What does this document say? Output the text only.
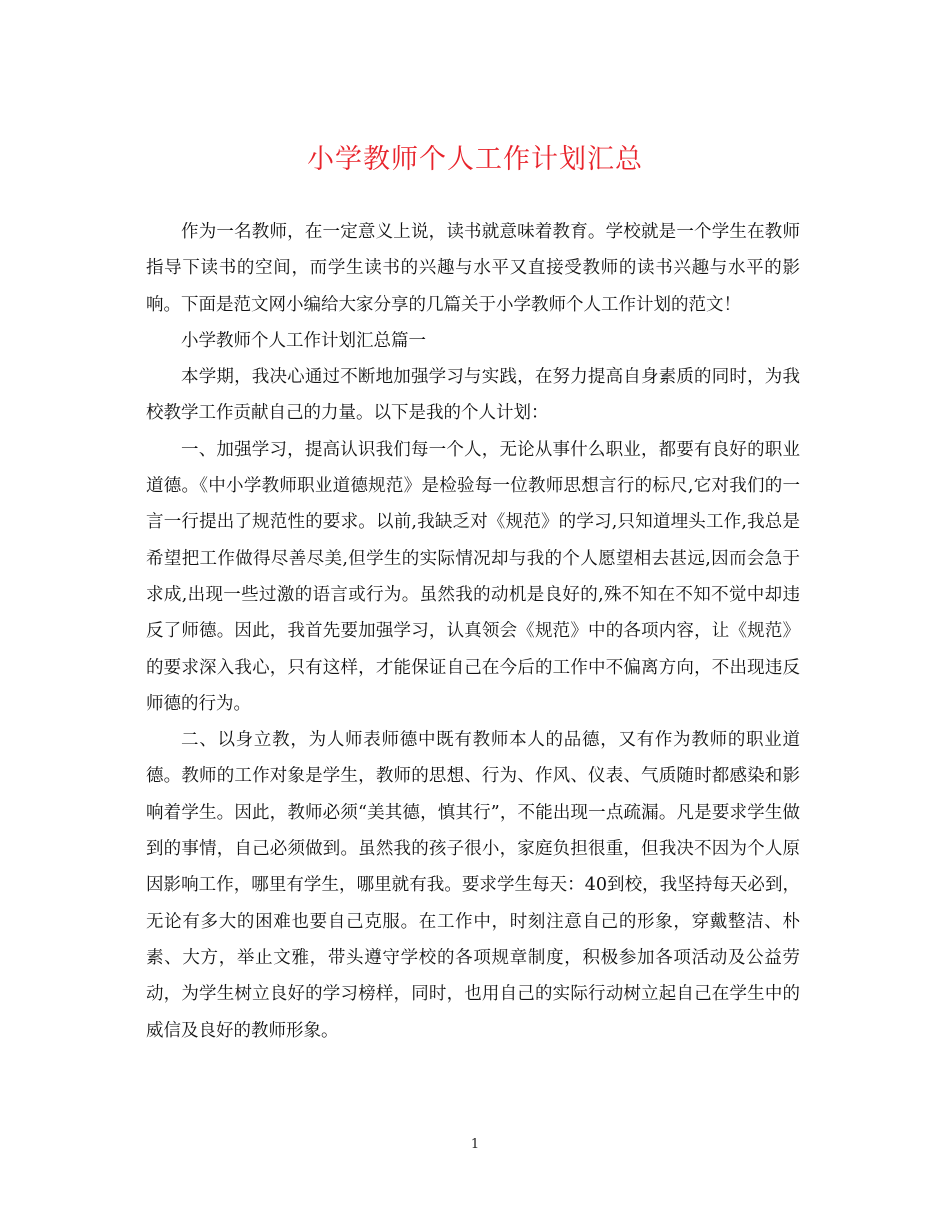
小学教师个人工作计划汇总

作为一名教师，在一定意义上说，读书就意味着教育。学校就是一个学生在教师指导下读书的空间，而学生读书的兴趣与水平又直接受教师的读书兴趣与水平的影响。下面是范文网小编给大家分享的几篇关于小学教师个人工作计划的范文！

小学教师个人工作计划汇总篇一

本学期，我决心通过不断地加强学习与实践，在努力提高自身素质的同时，为我校教学工作贡献自己的力量。以下是我的个人计划：

一、加强学习，提高认识我们每一个人，无论从事什么职业，都要有良好的职业道德。《中小学教师职业道德规范》是检验每一位教师思想言行的标尺,它对我们的一言一行提出了规范性的要求。以前,我缺乏对《规范》的学习,只知道埋头工作,我总是希望把工作做得尽善尽美,但学生的实际情况却与我的个人愿望相去甚远,因而会急于求成,出现一些过激的语言或行为。虽然我的动机是良好的,殊不知在不知不觉中却违反了师德。因此，我首先要加强学习，认真领会《规范》中的各项内容，让《规范》的要求深入我心，只有这样，才能保证自己在今后的工作中不偏离方向，不出现违反师德的行为。

二、以身立教，为人师表师德中既有教师本人的品德，又有作为教师的职业道德。教师的工作对象是学生，教师的思想、行为、作风、仪表、气质随时都感染和影响着学生。因此，教师必须“美其德，慎其行”，不能出现一点疏漏。凡是要求学生做到的事情，自己必须做到。虽然我的孩子很小，家庭负担很重，但我决不因为个人原因影响工作，哪里有学生，哪里就有我。要求学生每天：40到校，我坚持每天必到，无论有多大的困难也要自己克服。在工作中，时刻注意自己的形象，穿戴整洁、朴素、大方，举止文雅，带头遵守学校的各项规章制度，积极参加各项活动及公益劳动，为学生树立良好的学习榜样，同时，也用自己的实际行动树立起自己在学生中的威信及良好的教师形象。

1
